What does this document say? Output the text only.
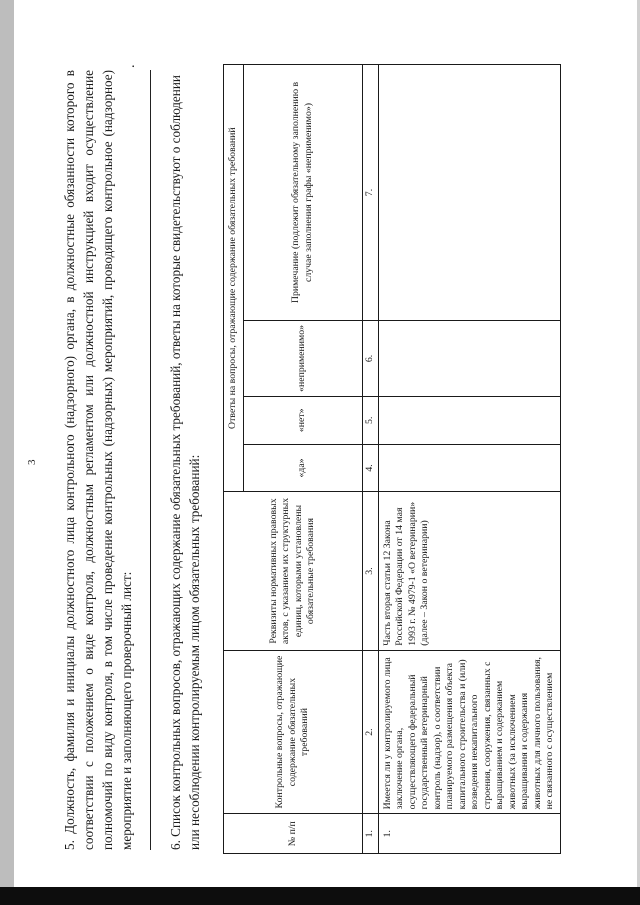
3 5. Должность, фамилия и инициалы должностного лица контрольного (надзорного) органа, в должностные обязанности которого в соответствии с положением о виде контроля, должностным регламентом или должностной инструкцией входит осуществление полномочий по виду контроля, в том числе проведение контрольных (надзорных) мероприятий, проводящего контрольное (надзорное) мероприятие и заполняющего проверочный лист:
.
6. Список контрольных вопросов, отражающих содержание обязательных требований, ответы на которые свидетельствуют о соблюдении или несоблюдении контролируемым лицом обязательных требований:	№ п/п	Контрольные вопросы, отражающие содержание обязательных требований	Реквизиты нормативных правовых актов, с указанием их структурных единиц, которыми установлены обязательные требования	Ответы на вопросы, отражающие содержание обязательных требований			
			«да»	«нет»	«неприменимо»	Примечание (подлежит обязательному заполнению в случае заполнения графы «неприменимо»)
1.	2.	3.	4.	5.	6.	7.
1.	Имеется ли у контролируемого лица заключение органа, осуществляющего федеральный государственный ветеринарный контроль (надзор), о соответствии планируемого размещения объекта капитального строительства и (или) возведения некапитального строения, сооружения, связанных с выращиванием и содержанием животных (за исключением выращивания и содержания животных для личного пользования, не связанного с осуществлением	Часть вторая статьи 12 Закона Российской Федерации от 14 мая 1993 г. № 4979-1 «О ветеринарии» (далее – Закон о ветеринарии)				
